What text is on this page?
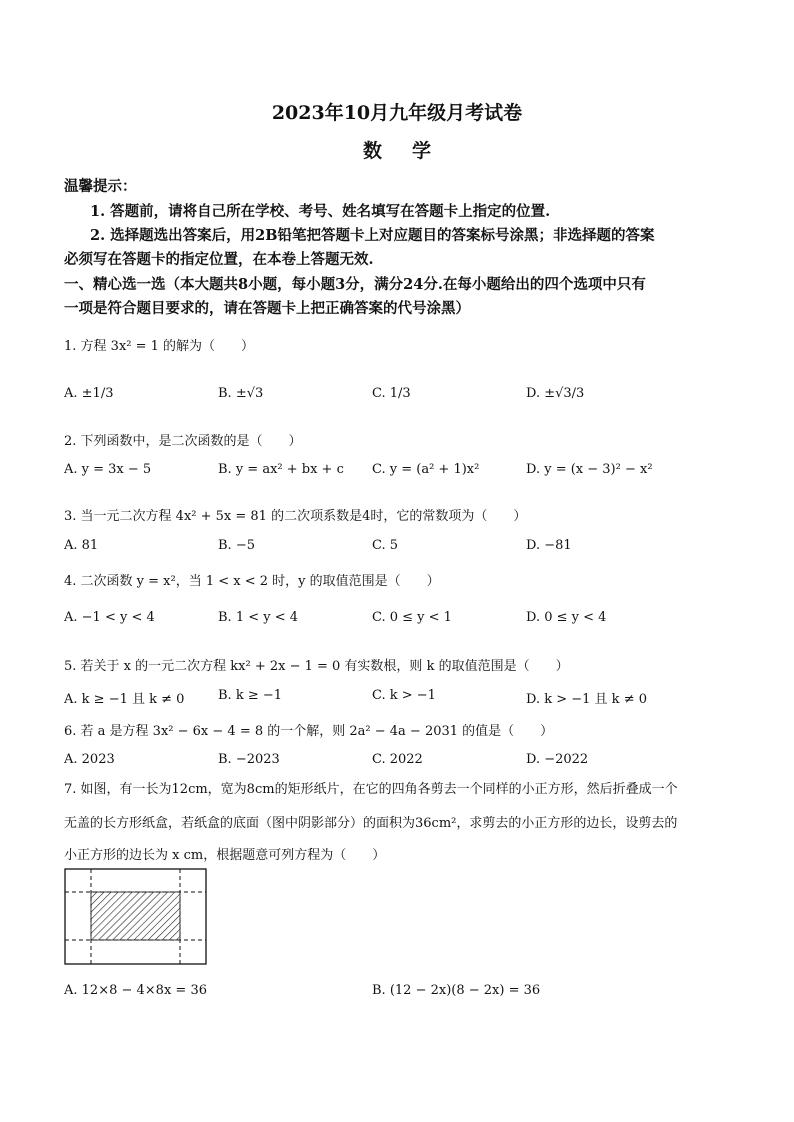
2023年10月九年级月考试卷
数学
温馨提示：
1. 答题前，请将自己所在学校、考号、姓名填写在答题卡上指定的位置.
2. 选择题选出答案后，用2B铅笔把答题卡上对应题目的答案标号涂黑；非选择题的答案
必须写在答题卡的指定位置，在本卷上答题无效.
一、精心选一选（本大题共8小题，每小题3分，满分24分.在每小题给出的四个选项中只有
一项是符合题目要求的，请在答题卡上把正确答案的代号涂黑）
1. 方程 3x² = 1 的解为（　　）
A. ±1/3	B. ±√3	C. 1/3	D. ±√3/3
2. 下列函数中，是二次函数的是（　　）
A. y = 3x − 5	B. y = ax² + bx + c C. y = (a² + 1)x²	D. y = (x − 3)² − x²
3. 当一元二次方程 4x² + 5x = 81 的二次项系数是4时，它的常数项为（　　）
A. 81	B. −5	C. 5	D. −81
4. 二次函数 y = x²，当 1 < x < 2 时，y 的取值范围是（　　）
A. −1 < y < 4	B. 1 < y < 4	C. 0 ≤ y < 1	D. 0 ≤ y < 4
5. 若关于 x 的一元二次方程 kx² + 2x − 1 = 0 有实数根，则 k 的取值范围是（　　）
A. k ≥ −1 且 k ≠ 0	B. k ≥ −1	C. k > −1	D. k > −1 且 k ≠ 0
6. 若 a 是方程 3x² − 6x − 4 = 8 的一个解，则 2a² − 4a − 2031 的值是（　　）
A. 2023	B. −2023	C. 2022	D. −2022
7. 如图，有一长为12cm，宽为8cm的矩形纸片，在它的四角各剪去一个同样的小正方形，然后折叠成一个
无盖的长方形纸盒，若纸盒的底面（图中阴影部分）的面积为36cm²，求剪去的小正方形的边长，设剪去的
小正方形的边长为 x cm，根据题意可列方程为（　　）
A. 12×8 − 4×8x = 36	B. (12 − 2x)(8 − 2x) = 36
